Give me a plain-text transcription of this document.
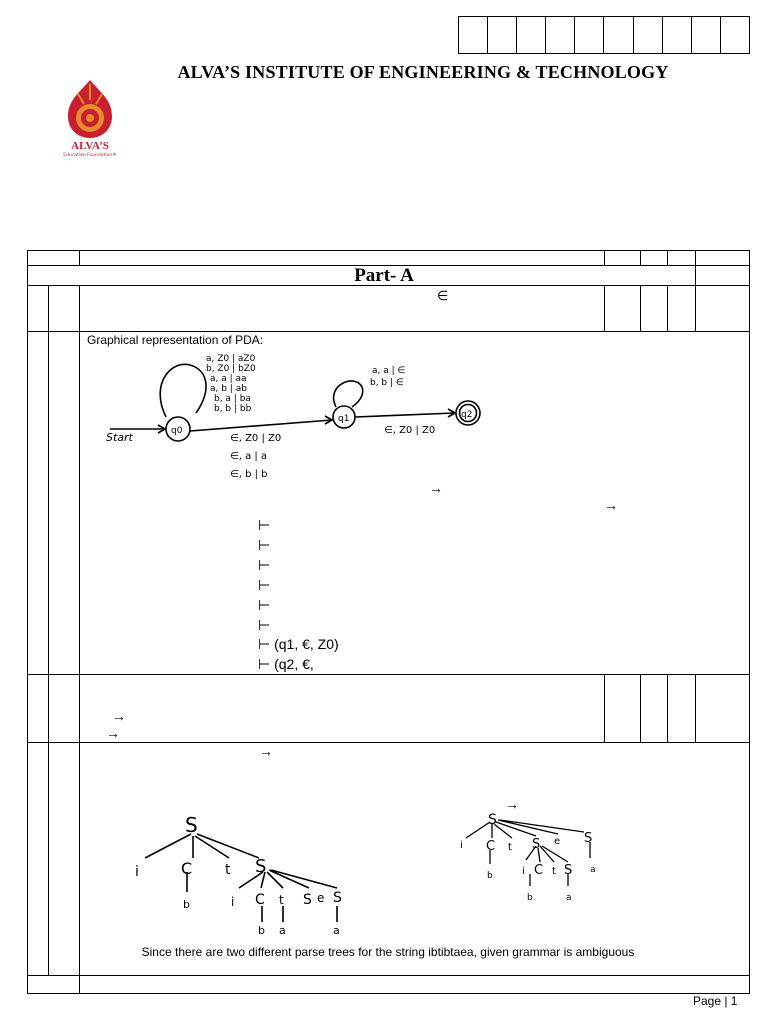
ALVA’S INSTITUTE OF ENGINEERING & TECHNOLOGY
ALVA’S
Education Foundation®
Part- A
∈
Graphical representation of PDA:
Start	q0
q1	q2
a, Z0 | aZ0
b, Z0 | bZ0
a, a | aa
a, b | ab
b, a | ba
b, b | bb
∈, Z0 | Z0
∈, a | a
∈, b | b
a, a | ∈
b, b | ∈
∈, Z0 | Z0
→
→
⊢
⊢
⊢
⊢
⊢
⊢
⊢ (q1, €, Z0)
⊢ (q2, €,
→
→
→
→
S
i	C t S
b	i C t S e S
b a	a
S
i C t S e S
b	i C t S a
b	a
Since there are two different parse trees for the string ibtibtaea, given grammar is ambiguous
Page | 1
